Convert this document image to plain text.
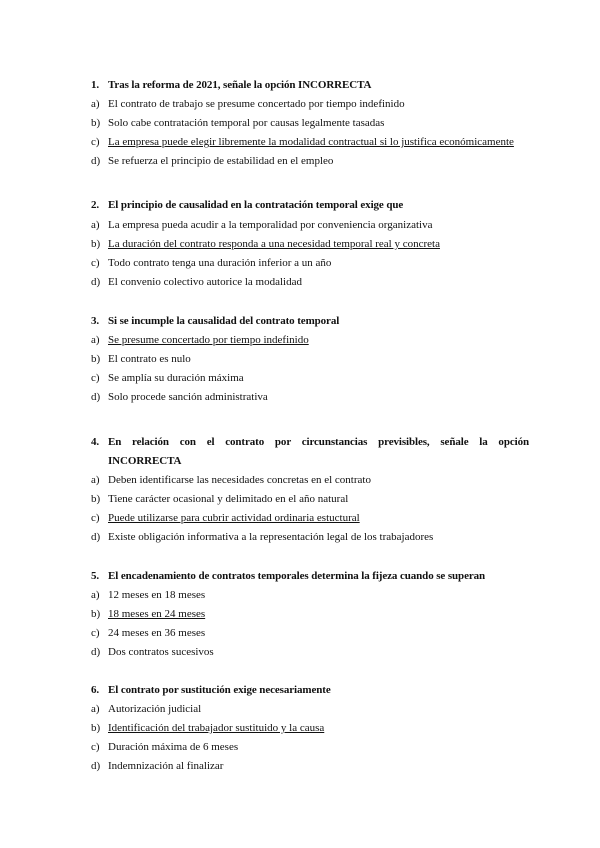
1. Tras la reforma de 2021, señale la opción INCORRECTA
a) El contrato de trabajo se presume concertado por tiempo indefinido
b) Solo cabe contratación temporal por causas legalmente tasadas
c) La empresa puede elegir libremente la modalidad contractual si lo justifica económicamente
d) Se refuerza el principio de estabilidad en el empleo
2. El principio de causalidad en la contratación temporal exige que
a) La empresa pueda acudir a la temporalidad por conveniencia organizativa
b) La duración del contrato responda a una necesidad temporal real y concreta
c) Todo contrato tenga una duración inferior a un año
d) El convenio colectivo autorice la modalidad
3. Si se incumple la causalidad del contrato temporal
a) Se presume concertado por tiempo indefinido
b) El contrato es nulo
c) Se amplía su duración máxima
d) Solo procede sanción administrativa
4. En relación con el contrato por circunstancias previsibles, señale la opción
INCORRECTA
a) Deben identificarse las necesidades concretas en el contrato
b) Tiene carácter ocasional y delimitado en el año natural
c) Puede utilizarse para cubrir actividad ordinaria estuctural
d) Existe obligación informativa a la representación legal de los trabajadores
5. El encadenamiento de contratos temporales determina la fijeza cuando se superan
a) 12 meses en 18 meses
b) 18 meses en 24 meses
c) 24 meses en 36 meses
d) Dos contratos sucesivos
6. El contrato por sustitución exige necesariamente
a) Autorización judicial
b) Identificación del trabajador sustituido y la causa
c) Duración máxima de 6 meses
d) Indemnización al finalizar
